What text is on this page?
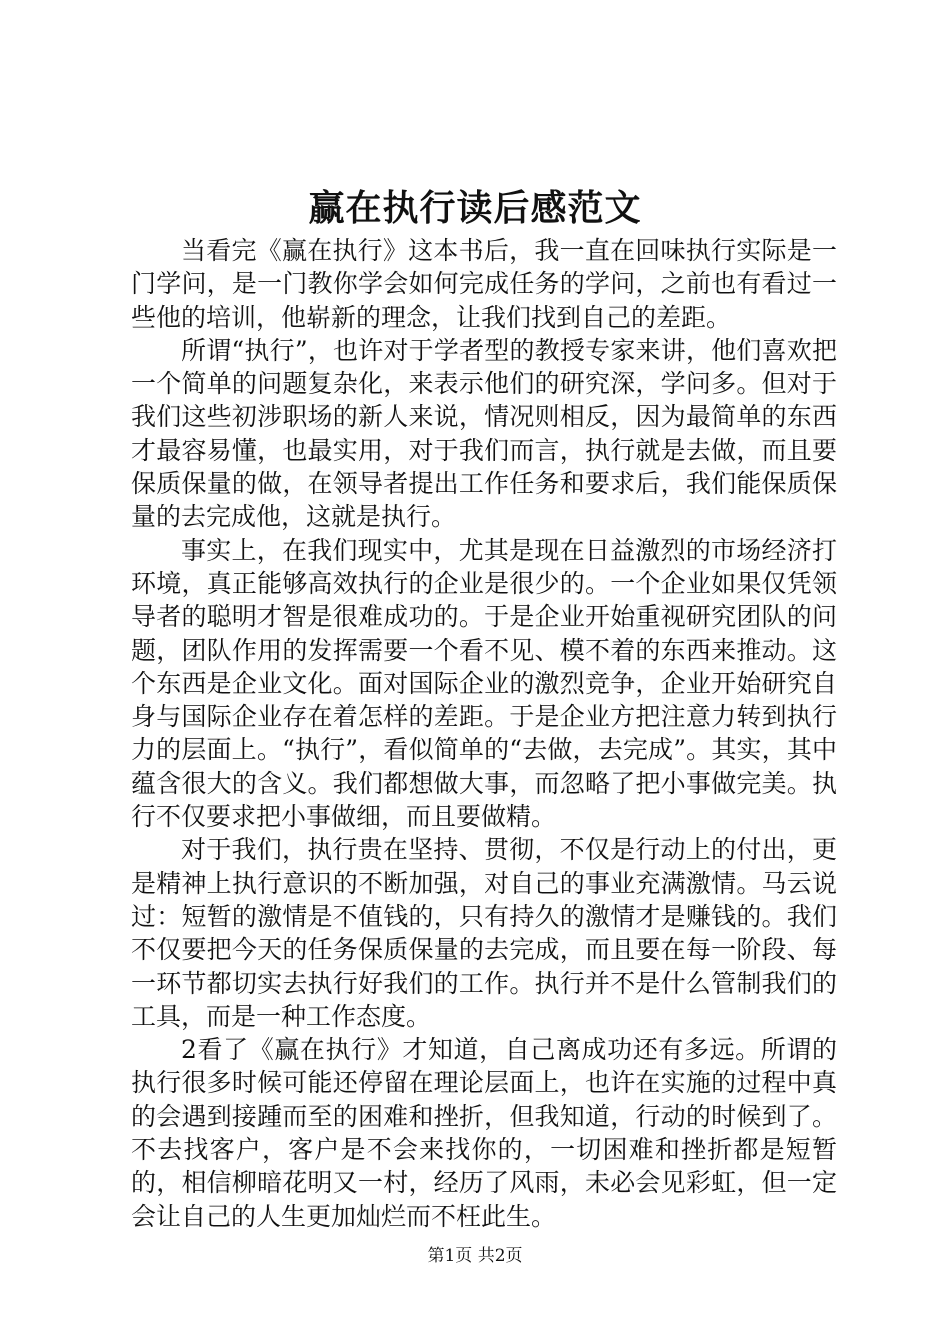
赢在执行读后感范文

当看完《赢在执行》这本书后，我一直在回味执行实际是一门学问，是一门教你学会如何完成任务的学问，之前也有看过一些他的培训，他崭新的理念，让我们找到自己的差距。

所谓“执行”，也许对于学者型的教授专家来讲，他们喜欢把一个简单的问题复杂化，来表示他们的研究深，学问多。但对于我们这些初涉职场的新人来说，情况则相反，因为最简单的东西才最容易懂，也最实用，对于我们而言，执行就是去做，而且要保质保量的做，在领导者提出工作任务和要求后，我们能保质保量的去完成他，这就是执行。

事实上，在我们现实中，尤其是现在日益激烈的市场经济打环境，真正能够高效执行的企业是很少的。一个企业如果仅凭领导者的聪明才智是很难成功的。于是企业开始重视研究团队的问题，团队作用的发挥需要一个看不见、模不着的东西来推动。这个东西是企业文化。面对国际企业的激烈竞争，企业开始研究自身与国际企业存在着怎样的差距。于是企业方把注意力转到执行力的层面上。“执行”，看似简单的“去做，去完成”。其实，其中蕴含很大的含义。我们都想做大事，而忽略了把小事做完美。执行不仅要求把小事做细，而且要做精。

对于我们，执行贵在坚持、贯彻，不仅是行动上的付出，更是精神上执行意识的不断加强，对自己的事业充满激情。马云说过：短暂的激情是不值钱的，只有持久的激情才是赚钱的。我们不仅要把今天的任务保质保量的去完成，而且要在每一阶段、每一环节都切实去执行好我们的工作。执行并不是什么管制我们的工具，而是一种工作态度。

2看了《赢在执行》才知道，自己离成功还有多远。所谓的执行很多时候可能还停留在理论层面上，也许在实施的过程中真的会遇到接踵而至的困难和挫折，但我知道，行动的时候到了。不去找客户，客户是不会来找你的，一切困难和挫折都是短暂的，相信柳暗花明又一村，经历了风雨，未必会见彩虹，但一定会让自己的人生更加灿烂而不枉此生。

第1页 共2页
